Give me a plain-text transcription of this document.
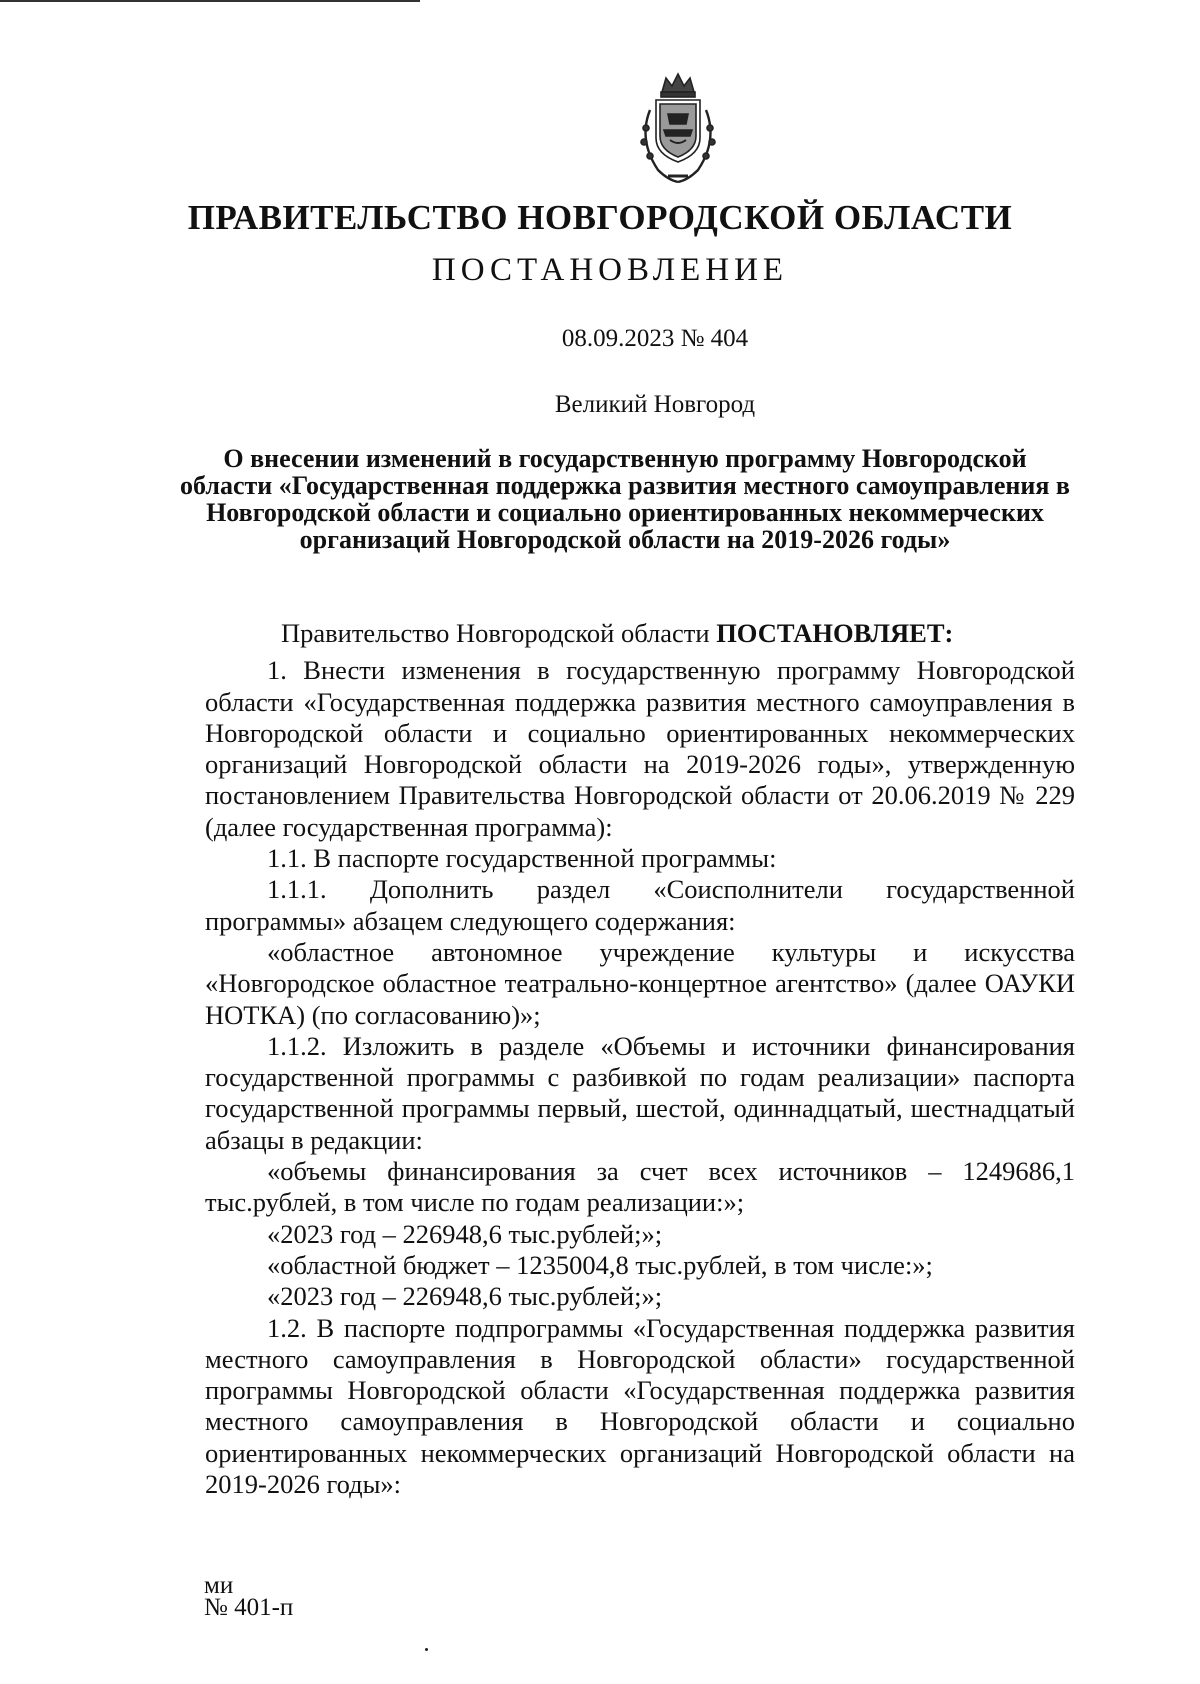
ПРАВИТЕЛЬСТВО НОВГОРОДСКОЙ ОБЛАСТИ
ПОСТАНОВЛЕНИЕ
08.09.2023 № 404
Великий Новгород
О внесении изменений в государственную программу Новгородской области «Государственная поддержка развития местного самоуправления в Новгородской области и социально ориентированных некоммерческих организаций Новгородской области на 2019-2026 годы»

Правительство Новгородской области ПОСТАНОВЛЯЕТ:

1. Внести изменения в государственную программу Новгородской области «Государственная поддержка развития местного самоуправления в Новгородской области и социально ориентированных некоммерческих организаций Новгородской области на 2019-2026 годы», утвержденную постановлением Правительства Новгородской области от 20.06.2019 № 229 (далее государственная программа):

1.1. В паспорте государственной программы:

1.1.1. Дополнить раздел «Соисполнители государственной программы» абзацем следующего содержания:

«областное автономное учреждение культуры и искусства «Новгородское областное театрально-концертное агентство» (далее ОАУКИ НОТКА) (по согласованию)»;

1.1.2. Изложить в разделе «Объемы и источники финансирования государственной программы с разбивкой по годам реализации» паспорта государственной программы первый, шестой, одиннадцатый, шестнадцатый абзацы в редакции:

«объемы финансирования за счет всех источников – 1249686,1 тыс.рублей, в том числе по годам реализации:»;

«2023 год – 226948,6 тыс.рублей;»;

«областной бюджет – 1235004,8 тыс.рублей, в том числе:»;

«2023 год – 226948,6 тыс.рублей;»;

1.2. В паспорте подпрограммы «Государственная поддержка развития местного самоуправления в Новгородской области» государственной программы Новгородской области «Государственная поддержка развития местного самоуправления в Новгородской области и социально ориентированных некоммерческих организаций Новгородской области на 2019-2026 годы»:

ми
№ 401-п
